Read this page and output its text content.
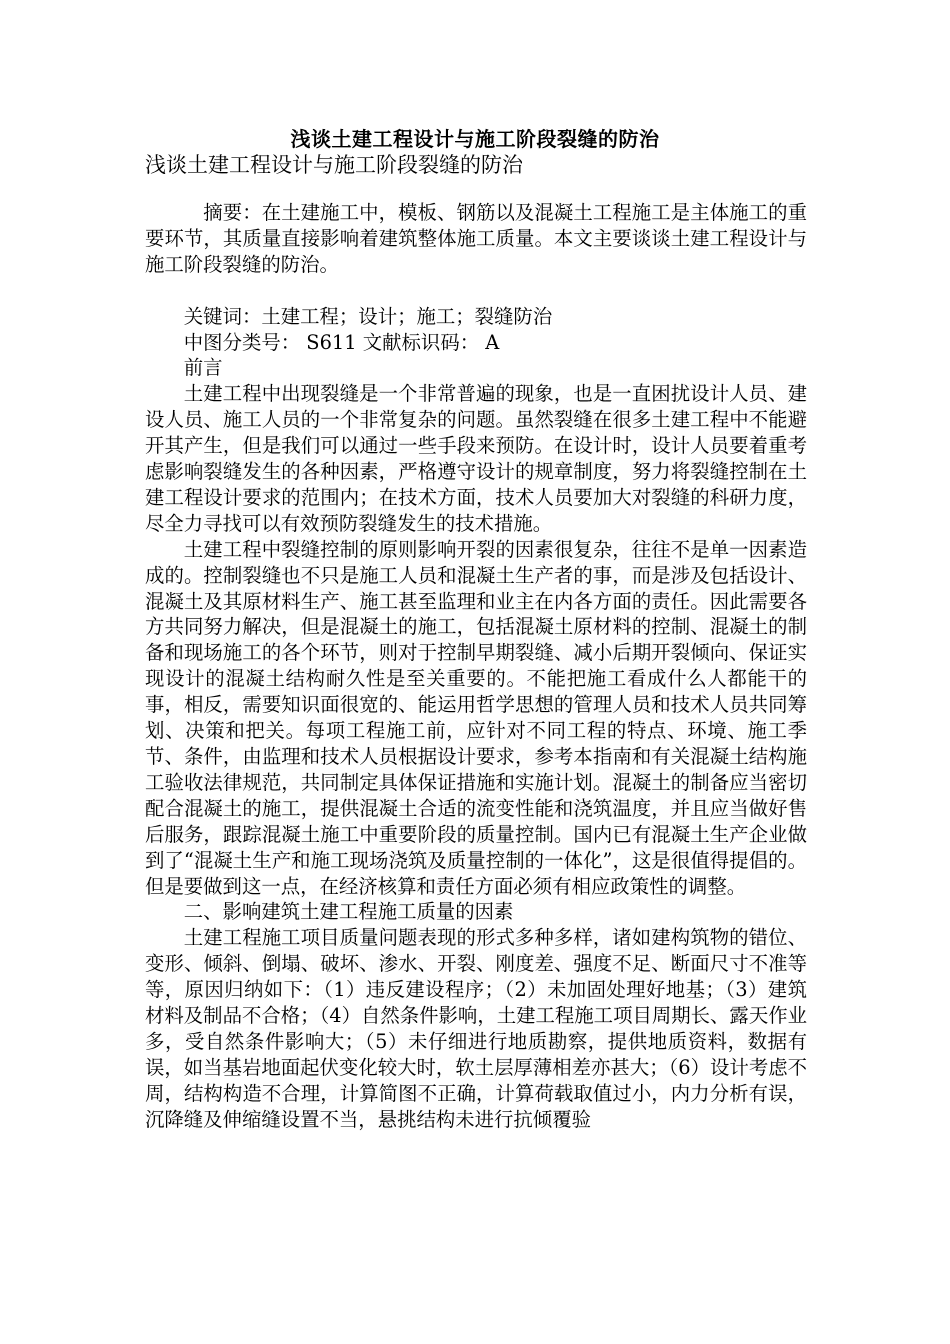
浅谈土建工程设计与施工阶段裂缝的防治
浅谈土建工程设计与施工阶段裂缝的防治

　摘要：在土建施工中，模板、钢筋以及混凝土工程施工是主体施工的重要环节，其质量直接影响着建筑整体施工质量。本文主要谈谈土建工程设计与施工阶段裂缝的防治。

关键词：土建工程；设计；施工；裂缝防治

中图分类号： S611 文献标识码： A

前言

土建工程中出现裂缝是一个非常普遍的现象，也是一直困扰设计人员、建设人员、施工人员的一个非常复杂的问题。虽然裂缝在很多土建工程中不能避开其产生，但是我们可以通过一些手段来预防。在设计时，设计人员要着重考虑影响裂缝发生的各种因素，严格遵守设计的规章制度，努力将裂缝控制在土建工程设计要求的范围内；在技术方面，技术人员要加大对裂缝的科研力度，尽全力寻找可以有效预防裂缝发生的技术措施。

土建工程中裂缝控制的原则影响开裂的因素很复杂，往往不是单一因素造成的。控制裂缝也不只是施工人员和混凝土生产者的事，而是涉及包括设计、混凝土及其原材料生产、施工甚至监理和业主在内各方面的责任。因此需要各方共同努力解决，但是混凝土的施工，包括混凝土原材料的控制、混凝土的制备和现场施工的各个环节，则对于控制早期裂缝、减小后期开裂倾向、保证实现设计的混凝土结构耐久性是至关重要的。不能把施工看成什么人都能干的事，相反，需要知识面很宽的、能运用哲学思想的管理人员和技术人员共同筹划、决策和把关。每项工程施工前，应针对不同工程的特点、环境、施工季节、条件，由监理和技术人员根据设计要求，参考本指南和有关混凝土结构施工验收法律规范，共同制定具体保证措施和实施计划。混凝土的制备应当密切配合混凝土的施工，提供混凝土合适的流变性能和浇筑温度，并且应当做好售后服务，跟踪混凝土施工中重要阶段的质量控制。国内已有混凝土生产企业做到了“混凝土生产和施工现场浇筑及质量控制的一体化”，这是很值得提倡的。但是要做到这一点，在经济核算和责任方面必须有相应政策性的调整。

二、影响建筑土建工程施工质量的因素

土建工程施工项目质量问题表现的形式多种多样，诸如建构筑物的错位、变形、倾斜、倒塌、破坏、渗水、开裂、刚度差、强度不足、断面尺寸不准等等，原因归纳如下：（1）违反建设程序；（2）未加固处理好地基；（3）建筑材料及制品不合格；（4）自然条件影响，土建工程施工项目周期长、露天作业多，受自然条件影响大；（5）未仔细进行地质勘察，提供地质资料，数据有误，如当基岩地面起伏变化较大时，软土层厚薄相差亦甚大；（6）设计考虑不周，结构构造不合理，计算简图不正确，计算荷载取值过小，内力分析有误，沉降缝及伸缩缝设置不当，悬挑结构未进行抗倾覆验
